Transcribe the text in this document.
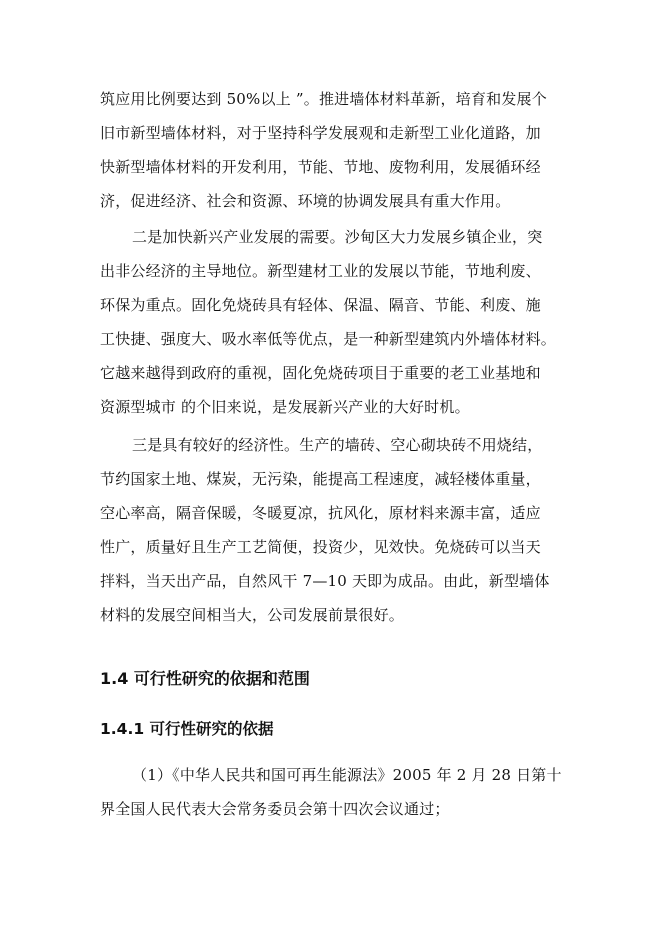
筑应用比例要达到 50%以上 ”。推进墙体材料革新，培育和发展个
旧市新型墙体材料，对于坚持科学发展观和走新型工业化道路，加
快新型墙体材料的开发利用，节能、节地、废物利用，发展循环经
济，促进经济、社会和资源、环境的协调发展具有重大作用。
二是加快新兴产业发展的需要。沙甸区大力发展乡镇企业，突
出非公经济的主导地位。新型建材工业的发展以节能，节地利废、
环保为重点。固化免烧砖具有轻体、保温、隔音、节能、利废、施
工快捷、强度大、吸水率低等优点，是一种新型建筑内外墙体材料。
它越来越得到政府的重视，固化免烧砖项目于重要的老工业基地和
资源型城市 的个旧来说，是发展新兴产业的大好时机。
三是具有较好的经济性。生产的墙砖、空心砌块砖不用烧结，
节约国家土地、煤炭，无污染，能提高工程速度，减轻楼体重量，
空心率高，隔音保暖，冬暖夏凉，抗风化，原材料来源丰富，适应
性广，质量好且生产工艺简便，投资少，见效快。免烧砖可以当天
拌料，当天出产品，自然风干 7—10 天即为成品。由此，新型墙体
材料的发展空间相当大，公司发展前景很好。
1.4 可行性研究的依据和范围
1.4.1 可行性研究的依据
（1）《中华人民共和国可再生能源法》2005 年 2 月 28 日第十
界全国人民代表大会常务委员会第十四次会议通过；
